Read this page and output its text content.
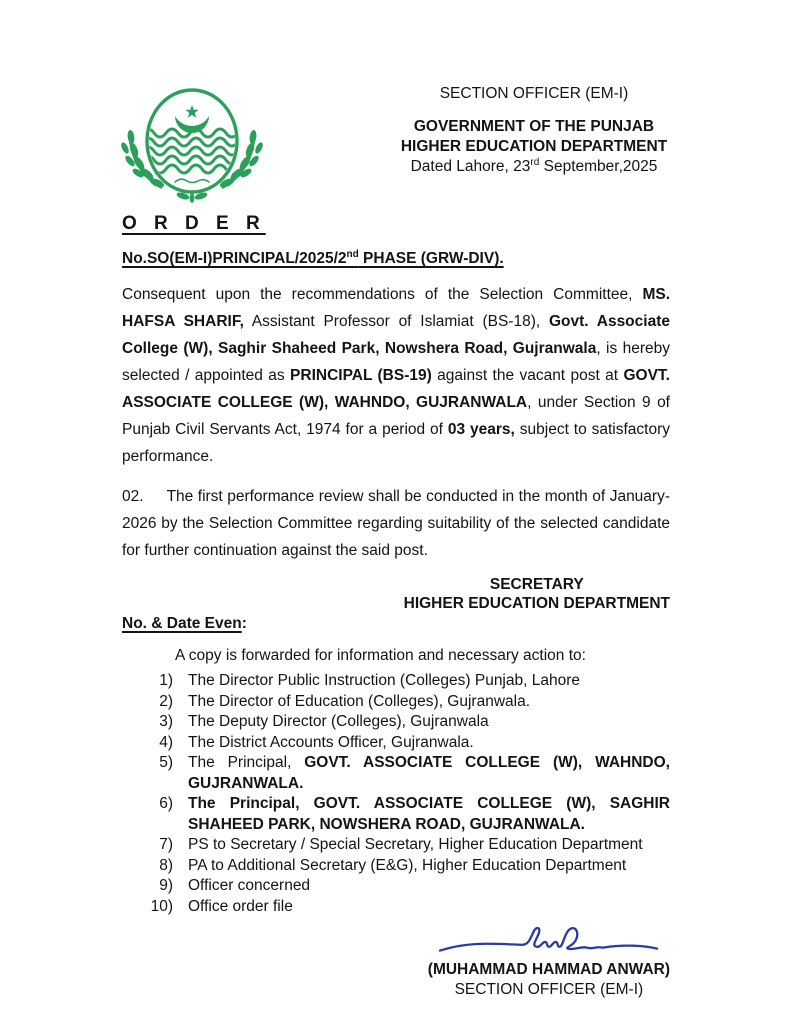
SECTION OFFICER (EM-I)
GOVERNMENT OF THE PUNJAB
HIGHER EDUCATION DEPARTMENT
Dated Lahore, 23rd September,2025
O R D E R
No.SO(EM-I)PRINCIPAL/2025/2nd PHASE (GRW-DIV).

Consequent upon the recommendations of the Selection Committee, MS. HAFSA SHARIF, Assistant Professor of Islamiat (BS-18), Govt. Associate College (W), Saghir Shaheed Park, Nowshera Road, Gujranwala, is hereby selected / appointed as PRINCIPAL (BS-19) against the vacant post at GOVT. ASSOCIATE COLLEGE (W), WAHNDO, GUJRANWALA, under Section 9 of Punjab Civil Servants Act, 1974 for a period of 03 years, subject to satisfactory performance.

02. The first performance review shall be conducted in the month of January-2026 by the Selection Committee regarding suitability of the selected candidate for further continuation against the said post.

SECRETARY
HIGHER EDUCATION DEPARTMENT
No. & Date Even:
A copy is forwarded for information and necessary action to:
1) The Director Public Instruction (Colleges) Punjab, Lahore
2) The Director of Education (Colleges), Gujranwala.
3) The Deputy Director (Colleges), Gujranwala
4) The District Accounts Officer, Gujranwala.
5) The Principal, GOVT. ASSOCIATE COLLEGE (W), WAHNDO, GUJRANWALA.
6) The Principal, GOVT. ASSOCIATE COLLEGE (W), SAGHIR SHAHEED PARK, NOWSHERA ROAD, GUJRANWALA.
7) PS to Secretary / Special Secretary, Higher Education Department
8) PA to Additional Secretary (E&G), Higher Education Department
9) Officer concerned
10) Office order file
(MUHAMMAD HAMMAD ANWAR)
SECTION OFFICER (EM-I)
